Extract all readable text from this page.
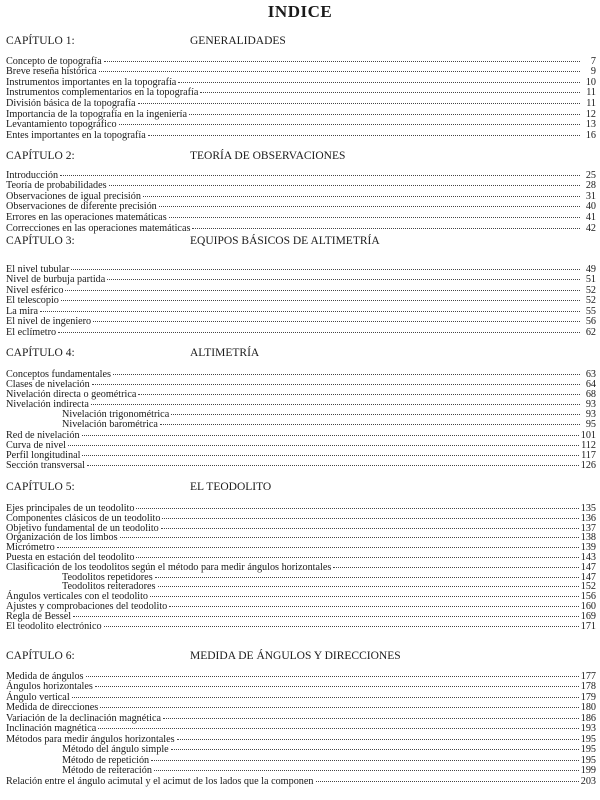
INDICE
CAPÍTULO 1:	GENERALIDADES
Concepto de topografía	7
Breve reseña histórica	9
Instrumentos importantes en la topografía	10
Instrumentos complementarios en la topografía	11
División básica de la topografía	11
Importancia de la topografía en la ingeniería	12
Levantamiento topográfico	13
Entes importantes en la topografía	16
CAPÍTULO 2:	TEORÍA DE OBSERVACIONES
Introducción	25
Teoría de probabilidades	28
Observaciones de igual precisión	31
Observaciones de diferente precisión	40
Errores en las operaciones matemáticas	41
Correcciones en las operaciones matemáticas	42
CAPÍTULO 3:	EQUIPOS BÁSICOS DE ALTIMETRÍA
El nivel tubular	49
Nivel de burbuja partida	51
Nivel esférico	52
El telescopio	52
La mira	55
El nivel de ingeniero	56
El eclímetro	62
CAPÍTULO 4:	ALTIMETRÍA
Conceptos fundamentales	63
Clases de nivelación	64
Nivelación directa o geométrica	68
Nivelación indirecta	93
Nivelación trigonométrica	93
Nivelación barométrica	95
Red de nivelación	101
Curva de nivel	112
Perfil longitudinal	117
Sección transversal	126
CAPÍTULO 5:	EL TEODOLITO
Ejes principales de un teodolito	135
Componentes clásicos de un teodolito	136
Objetivo fundamental de un teodolito	137
Organización de los limbos	138
Micrómetro	139
Puesta en estación del teodolito	143
Clasificación de los teodolitos según el método para medir ángulos horizontales	147
Teodolitos repetidores	147
Teodolitos reiteradores	152
Ángulos verticales con el teodolito	156
Ajustes y comprobaciones del teodolito	160
Regla de Bessel	169
El teodolito electrónico	171
CAPÍTULO 6:	MEDIDA DE ÁNGULOS Y DIRECCIONES
Medida de ángulos	177
Ángulos horizontales	178
Ángulo vertical	179
Medida de direcciones	180
Variación de la declinación magnética	186
Inclinación magnética	193
Métodos para medir ángulos horizontales	195
Método del ángulo simple	195
Método de repetición	195
Método de reiteración	199
Relación entre el ángulo acimutal y el acimut de los lados que la componen	203
